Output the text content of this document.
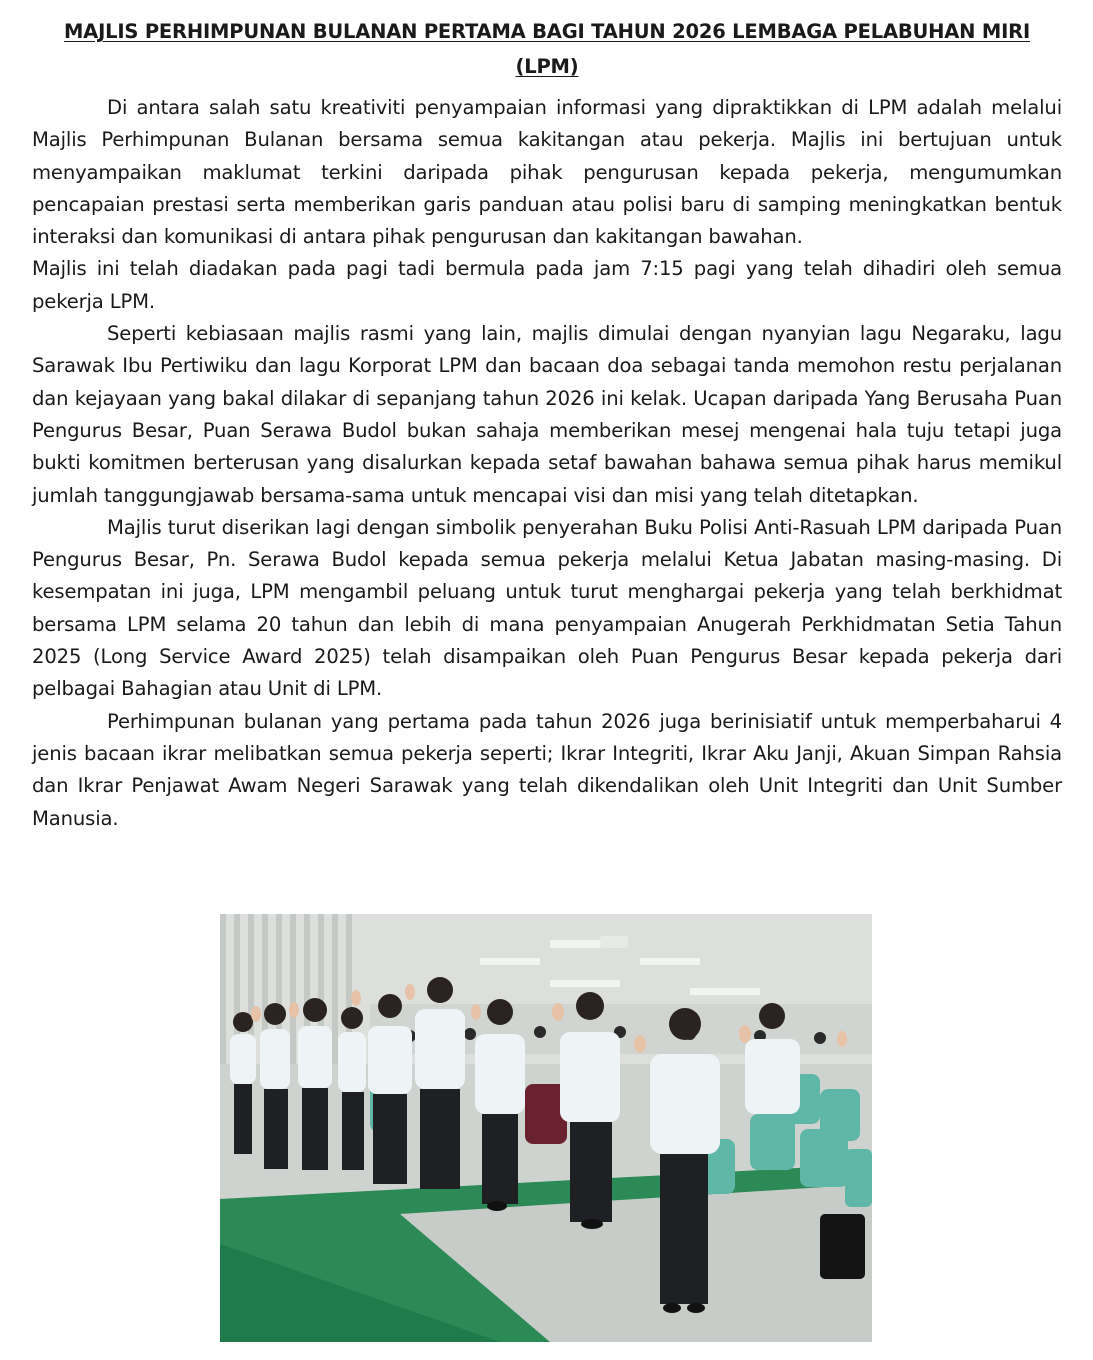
MAJLIS PERHIMPUNAN BULANAN PERTAMA BAGI TAHUN 2026 LEMBAGA PELABUHAN MIRI (LPM)

Di antara salah satu kreativiti penyampaian informasi yang dipraktikkan di LPM adalah melalui Majlis Perhimpunan Bulanan bersama semua kakitangan atau pekerja. Majlis ini bertujuan untuk menyampaikan maklumat terkini daripada pihak pengurusan kepada pekerja, mengumumkan pencapaian prestasi serta memberikan garis panduan atau polisi baru di samping meningkatkan bentuk interaksi dan komunikasi di antara pihak pengurusan dan kakitangan bawahan.

Majlis ini telah diadakan pada pagi tadi bermula pada jam 7:15 pagi yang telah dihadiri oleh semua pekerja LPM.

Seperti kebiasaan majlis rasmi yang lain, majlis dimulai dengan nyanyian lagu Negaraku, lagu Sarawak Ibu Pertiwiku dan lagu Korporat LPM dan bacaan doa sebagai tanda memohon restu perjalanan dan kejayaan yang bakal dilakar di sepanjang tahun 2026 ini kelak. Ucapan daripada Yang Berusaha Puan Pengurus Besar, Puan Serawa Budol bukan sahaja memberikan mesej mengenai hala tuju tetapi juga bukti komitmen berterusan yang disalurkan kepada setaf bawahan bahawa semua pihak harus memikul jumlah tanggungjawab bersama-sama untuk mencapai visi dan misi yang telah ditetapkan.

Majlis turut diserikan lagi dengan simbolik penyerahan Buku Polisi Anti-Rasuah LPM daripada Puan Pengurus Besar, Pn. Serawa Budol kepada semua pekerja melalui Ketua Jabatan masing-masing. Di kesempatan ini juga, LPM mengambil peluang untuk turut menghargai pekerja yang telah berkhidmat bersama LPM selama 20 tahun dan lebih di mana penyampaian Anugerah Perkhidmatan Setia Tahun 2025 (Long Service Award 2025) telah disampaikan oleh Puan Pengurus Besar kepada pekerja dari pelbagai Bahagian atau Unit di LPM.

Perhimpunan bulanan yang pertama pada tahun 2026 juga berinisiatif untuk memperbaharui 4 jenis bacaan ikrar melibatkan semua pekerja seperti; Ikrar Integriti, Ikrar Aku Janji, Akuan Simpan Rahsia dan Ikrar Penjawat Awam Negeri Sarawak yang telah dikendalikan oleh Unit Integriti dan Unit Sumber Manusia.
